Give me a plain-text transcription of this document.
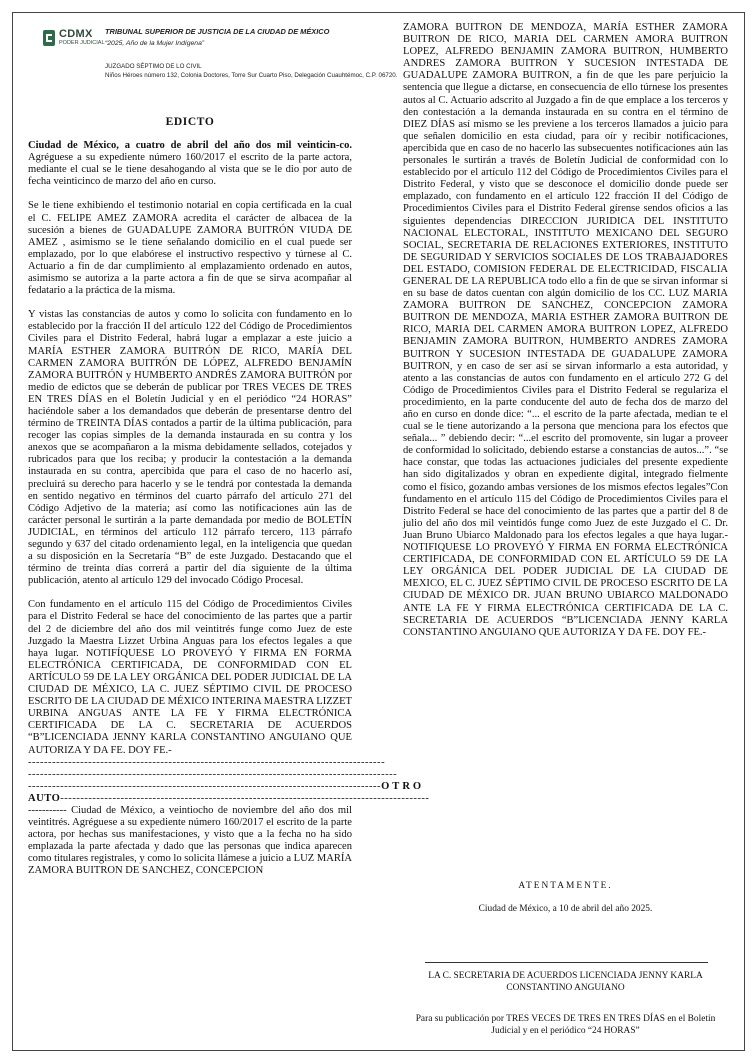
CDMX
PODER JUDICIAL
TRIBUNAL SUPERIOR DE JUSTICIA DE LA CIUDAD DE MÉXICO
“2025, Año de la Mujer Indígena”
JUZGADO SÉPTIMO DE LO CIVIL
Niños Héroes número 132, Colonia Doctores, Torre Sur Cuarto Piso, Delegación Cuauhtémoc, C.P. 06720.

EDICTO

Ciudad de México, a cuatro de abril del año dos mil veinticin-co. Agréguese a su expediente número 160/2017 el escrito de la parte actora, mediante el cual se le tiene desahogando al vista que se le dio por auto de fecha veinticinco de marzo del año en curso.

Se le tiene exhibiendo el testimonio notarial en copia certificada en la cual el C. FELIPE AMEZ ZAMORA acredita el carácter de albacea de la sucesión a bienes de GUADALUPE ZAMORA BUITRÓN VIUDA DE AMEZ , asimismo se le tiene señalando domicilio en el cual puede ser emplazado, por lo que elabórese el instructivo respectivo y túrnese al C. Actuario a fin de dar cumplimiento al emplazamiento ordenado en autos, asimismo se autoriza a la parte actora a fin de que se sirva acompañar al fedatario a la práctica de la misma.

Y vistas las constancias de autos y como lo solicita con fundamento en lo establecido por la fracción II del artículo 122 del Código de Procedimientos Civiles para el Distrito Federal, habrá lugar a emplazar a este juicio a MARÍA ESTHER ZAMORA BUITRÓN DE RICO, MARÍA DEL CARMEN ZAMORA BUITRÓN DE LÓPEZ, ALFREDO BENJAMÍN ZAMORA BUITRÓN y HUMBERTO ANDRÉS ZAMORA BUITRÓN por medio de edictos que se deberán de publicar por TRES VECES DE TRES EN TRES DÍAS en el Boletín Judicial y en el periódico “24 HORAS” haciéndole saber a los demandados que deberán de presentarse dentro del término de TREINTA DÍAS contados a partir de la última publicación, para recoger las copias simples de la demanda instaurada en su contra y los anexos que se acompañaron a la misma debidamente sellados, cotejados y rubricados para que los reciba; y producir la contestación a la demanda instaurada en su contra, apercibida que para el caso de no hacerlo así, precluirá su derecho para hacerlo y se le tendrá por contestada la demanda en sentido negativo en términos del cuarto párrafo del artículo 271 del Código Adjetivo de la materia; así como las notificaciones aún las de carácter personal le surtirán a la parte demandada por medio de BOLETÍN JUDICIAL, en términos del artículo 112 párrafo tercero, 113 párrafo segundo y 637 del citado ordenamiento legal, en la inteligencia que quedan a su disposición en la Secretaría “B” de este Juzgado. Destacando que el término de treinta días correrá a partir del día siguiente de la última publicación, atento al artículo 129 del invocado Código Procesal.

Con fundamento en el artículo 115 del Código de Procedimientos Civiles para el Distrito Federal se hace del conocimiento de las partes que a partir del 2 de diciembre del año dos mil veintitrés funge como Juez de este Juzgado la Maestra Lizzet Urbina Anguas para los efectos legales a que haya lugar. NOTIFÍQUESE LO PROVEYÓ Y FIRMA EN FORMA ELECTRÓNICA CERTIFICADA, DE CONFORMIDAD CON EL ARTÍCULO 59 DE LA LEY ORGÁNICA DEL PODER JUDICIAL DE LA CIUDAD DE MÉXICO, LA C. JUEZ SÉPTIMO CIVIL DE PROCESO ESCRITO DE LA CIUDAD DE MÉXICO INTERINA MAESTRA LIZZET URBINA ANGUAS ANTE LA FE Y FIRMA ELECTRÓNICA CERTIFICADA DE LA C. SECRETARIA DE ACUERDOS “B”LICENCIADA JENNY KARLA CONSTANTINO ANGUIANO QUE AUTORIZA Y DA FE. DOY FE.-

-----------------------------------------------------------------------------------------

--------------------------------------------------------------------------------------------

---------------------------------------------------------------------------------------- OTRO
AUTO --------------------------------------------------------------------------------------------

----------- Ciudad de México, a veintiocho de noviembre del año dos mil veintitrés. Agréguese a su expediente número 160/2017 el escrito de la parte actora, por hechas sus manifestaciones, y visto que a la fecha no ha sido emplazada la parte afectada y dado que las personas que indica aparecen como titulares registrales, y como lo solicita llámese a juicio a LUZ MARÍA ZAMORA BUITRON DE SANCHEZ, CONCEPCION

ZAMORA BUITRON DE MENDOZA, MARÍA ESTHER ZAMORA BUITRON DE RICO, MARIA DEL CARMEN AMORA BUITRON LOPEZ, ALFREDO BENJAMIN ZAMORA BUITRON, HUMBERTO ANDRES ZAMORA BUITRON Y SUCESION INTESTADA DE GUADALUPE ZAMORA BUITRON, a fin de que les pare perjuicio la sentencia que llegue a dictarse, en consecuencia de ello túrnese los presentes autos al C. Actuario adscrito al Juzgado a fin de que emplace a los terceros y den contestación a la demanda instaurada en su contra en el término de DIEZ DÍAS así mismo se les previene a los terceros llamados a juicio para que señalen domicilio en esta ciudad, para oír y recibir notificaciones, apercibida que en caso de no hacerlo las subsecuentes notificaciones aún las personales le surtirán a través de Boletín Judicial de conformidad con lo establecido por el artículo 112 del Código de Procedimientos Civiles para el Distrito Federal, y visto que se desconoce el domicilio donde puede ser emplazado, con fundamento en el artículo 122 fracción II del Código de Procedimientos Civiles para el Distrito Federal gírense sendos oficios a las siguientes dependencias DIRECCION JURIDICA DEL INSTITUTO NACIONAL ELECTORAL, INSTITUTO MEXICANO DEL SEGURO SOCIAL, SECRETARIA DE RELACIONES EXTERIORES, INSTITUTO DE SEGURIDAD Y SERVICIOS SOCIALES DE LOS TRABAJADORES DEL ESTADO, COMISION FEDERAL DE ELECTRICIDAD, FISCALIA GENERAL DE LA REPUBLICA todo ello a fin de que se sirvan informar si en su base de datos cuentan con algún domicilio de los CC. LUZ MARIA ZAMORA BUITRON DE SANCHEZ, CONCEPCION ZAMORA BUITRON DE MENDOZA, MARIA ESTHER ZAMORA BUITRON DE RICO, MARIA DEL CARMEN AMORA BUITRON LOPEZ, ALFREDO BENJAMIN ZAMORA BUITRON, HUMBERTO ANDRES ZAMORA BUITRON Y SUCESION INTESTADA DE GUADALUPE ZAMORA BUITRON, y en caso de ser así se sirvan informarlo a esta autoridad, y atento a las constancias de autos con fundamento en el artículo 272 G del Código de Procedimientos Civiles para el Distrito Federal se regulariza el procedimiento, en la parte conducente del auto de fecha dos de marzo del año en curso en donde dice: “... el escrito de la parte afectada, median te el cual se le tiene autorizando a la persona que menciona para los efectos que señala... ” debiendo decir: “...el escrito del promovente, sin lugar a proveer de conformidad lo solicitado, debiendo estarse a constancias de autos...”. “se hace constar, que todas las actuaciones judiciales del presente expediente han sido digitalizados y obran en expediente digital, integrado fielmente como el físico, gozando ambas versiones de los mismos efectos legales”Con fundamento en el artículo 115 del Código de Procedimientos Civiles para el Distrito Federal se hace del conocimiento de las partes que a partir del 8 de julio del año dos mil veintidós funge como Juez de este Juzgado el C. Dr. Juan Bruno Ubiarco Maldonado para los efectos legales a que haya lugar.- NOTIFIQUESE LO PROVEYÓ Y FIRMA EN FORMA ELECTRÓNICA CERTIFICADA, DE CONFORMIDAD CON EL ARTÍCULO 59 DE LA LEY ORGÁNICA DEL PODER JUDICIAL DE LA CIUDAD DE MEXICO, EL C. JUEZ SÉPTIMO CIVIL DE PROCESO ESCRITO DE LA CIUDAD DE MÉXICO DR. JUAN BRUNO UBIARCO MALDONADO ANTE LA FE Y FIRMA ELECTRÓNICA CERTIFICADA DE LA C. SECRETARIA DE ACUERDOS “B”LICENCIADA JENNY KARLA CONSTANTINO ANGUIANO QUE AUTORIZA Y DA FE. DOY FE.-

ATENTAMENTE.
Ciudad de México, a 10 de abril del año 2025.
LA C. SECRETARIA DE ACUERDOS LICENCIADA JENNY KARLA CONSTANTINO ANGUIANO
Para su publicación por TRES VECES DE TRES EN TRES DÍAS en el Boletín Judicial y en el periódico “24 HORAS”
